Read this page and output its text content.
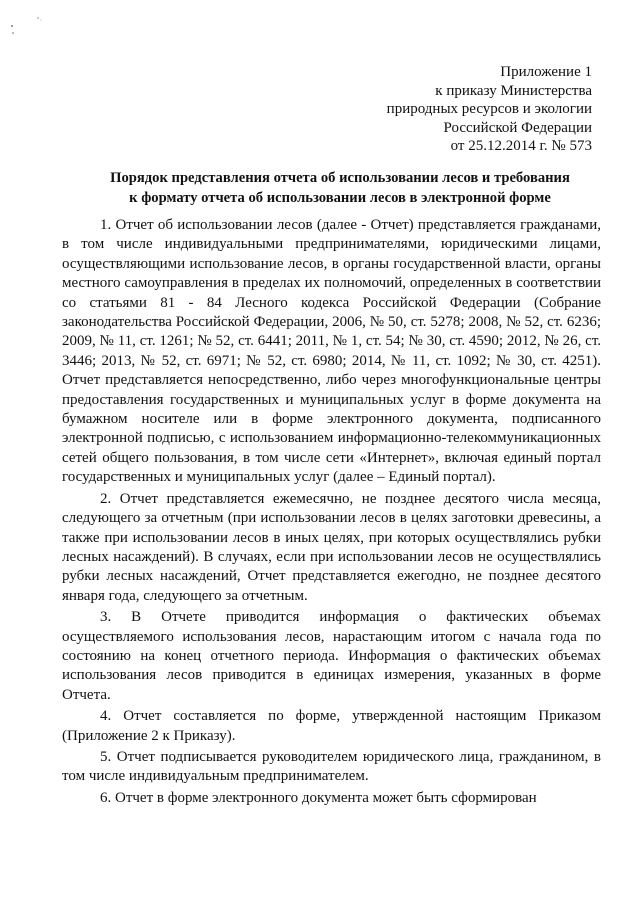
Приложение 1
к приказу Министерства
природных ресурсов и экологии
Российской Федерации
от 25.12.2014 г. № 573
Порядок представления отчета об использовании лесов и требования
к формату отчета об использовании лесов в электронной форме

1. Отчет об использовании лесов (далее - Отчет) представляется гражданами, в том числе индивидуальными предпринимателями, юридическими лицами, осуществляющими использование лесов, в органы государственной власти, органы местного самоуправления в пределах их полномочий, определенных в соответствии со статьями 81 - 84 Лесного кодекса Российской Федерации (Собрание законодательства Российской Федерации, 2006, № 50, ст. 5278; 2008, № 52, ст. 6236; 2009, № 11, ст. 1261; № 52, ст. 6441; 2011, № 1, ст. 54; № 30, ст. 4590; 2012, № 26, ст. 3446; 2013, № 52, ст. 6971; № 52, ст. 6980; 2014, № 11, ст. 1092; № 30, ст. 4251). Отчет представляется непосредственно, либо через многофункциональные центры предоставления государственных и муниципальных услуг в форме документа на бумажном носителе или в форме электронного документа, подписанного электронной подписью, с использованием информационно-телекоммуникационных сетей общего пользования, в том числе сети «Интернет», включая единый портал государственных и муниципальных услуг (далее – Единый портал).

2. Отчет представляется ежемесячно, не позднее десятого числа месяца, следующего за отчетным (при использовании лесов в целях заготовки древесины, а также при использовании лесов в иных целях, при которых осуществлялись рубки лесных насаждений). В случаях, если при использовании лесов не осуществлялись рубки лесных насаждений, Отчет представляется ежегодно, не позднее десятого января года, следующего за отчетным.

3. В Отчете приводится информация о фактических объемах осуществляемого использования лесов, нарастающим итогом с начала года по состоянию на конец отчетного периода. Информация о фактических объемах использования лесов приводится в единицах измерения, указанных в форме Отчета.

4. Отчет составляется по форме, утвержденной настоящим Приказом (Приложение 2 к Приказу).

5. Отчет подписывается руководителем юридического лица, гражданином, в том числе индивидуальным предпринимателем.

6. Отчет в форме электронного документа может быть сформирован
